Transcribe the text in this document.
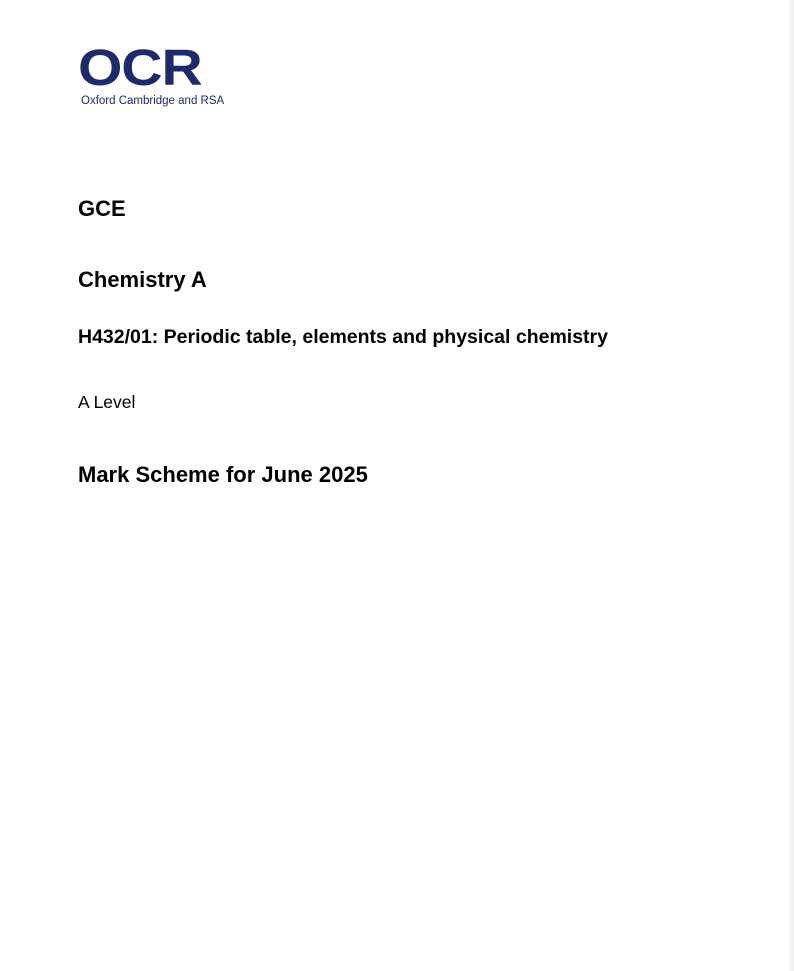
OCR
Oxford Cambridge and RSA
GCE
Chemistry A
H432/01: Periodic table, elements and physical chemistry
A Level
Mark Scheme for June 2025
